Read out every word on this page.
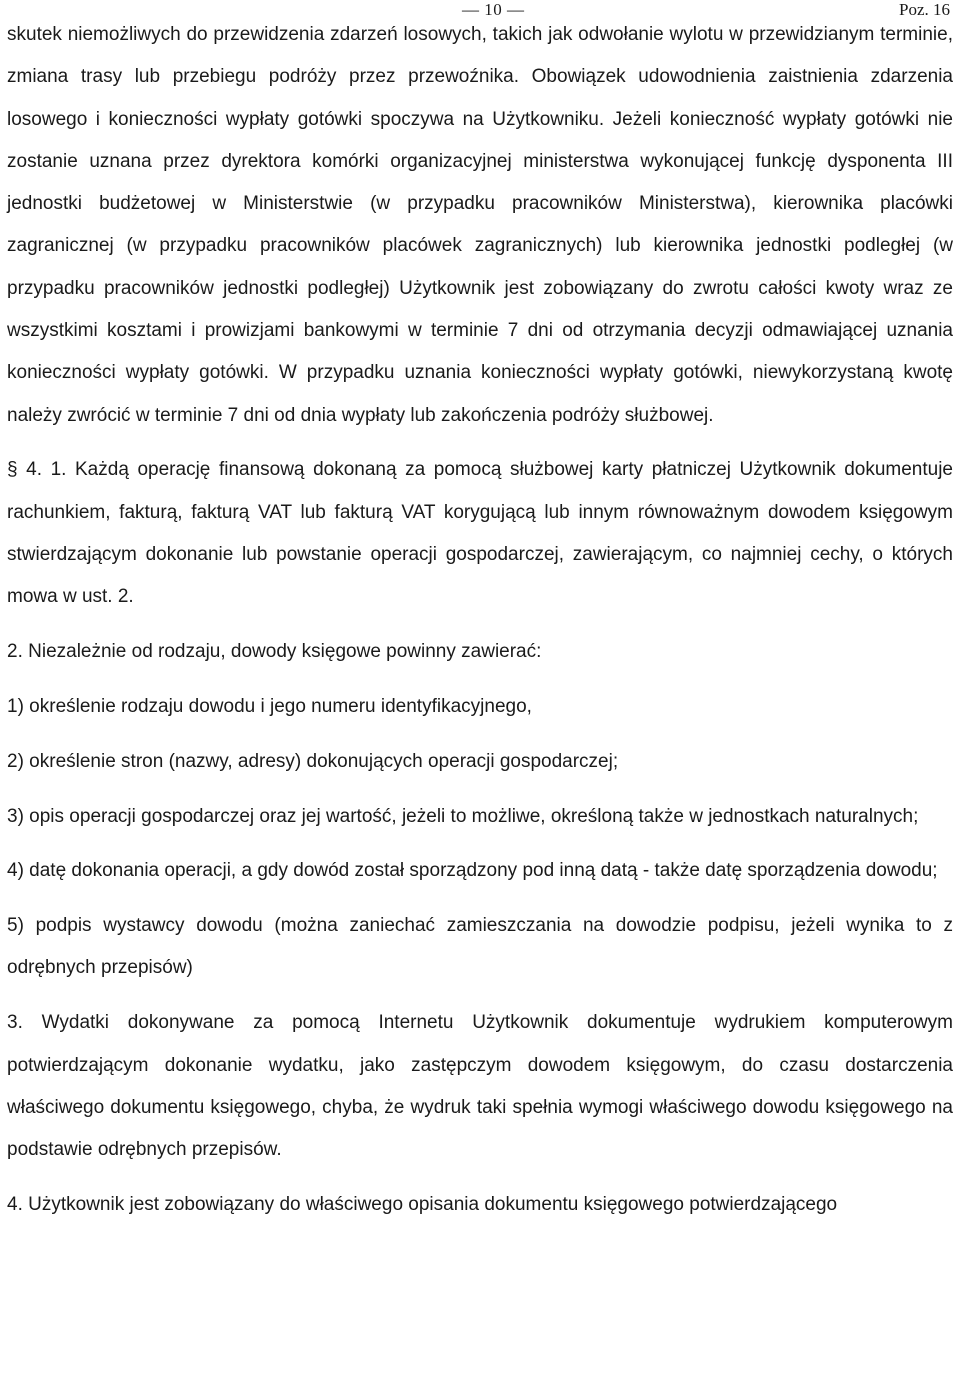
— 10 —	Poz. 16

skutek niemożliwych do przewidzenia zdarzeń losowych, takich jak odwołanie wylotu w przewidzianym terminie, zmiana trasy lub przebiegu podróży przez przewoźnika. Obowiązek udowodnienia zaistnienia zdarzenia losowego i konieczności wypłaty gotówki spoczywa na Użytkowniku. Jeżeli konieczność wypłaty gotówki nie zostanie uznana przez dyrektora komórki organizacyjnej ministerstwa wykonującej funkcję dysponenta III jednostki budżetowej w Ministerstwie (w przypadku pracowników Ministerstwa), kierownika placówki zagranicznej (w przypadku pracowników placówek zagranicznych) lub kierownika jednostki podległej (w przypadku pracowników jednostki podległej) Użytkownik jest zobowiązany do zwrotu całości kwoty wraz ze wszystkimi kosztami i prowizjami bankowymi w terminie 7 dni od otrzymania decyzji odmawiającej uznania konieczności wypłaty gotówki. W przypadku uznania konieczności wypłaty gotówki, niewykorzystaną kwotę należy zwrócić w terminie 7 dni od dnia wypłaty lub zakończenia podróży służbowej.

§ 4. 1. Każdą operację finansową dokonaną za pomocą służbowej karty płatniczej Użytkownik dokumentuje rachunkiem, fakturą, fakturą VAT lub fakturą VAT korygującą lub innym równoważnym dowodem księgowym stwierdzającym dokonanie lub powstanie operacji gospodarczej, zawierającym, co najmniej cechy, o których mowa w ust. 2.

2. Niezależnie od rodzaju, dowody księgowe powinny zawierać:

1) określenie rodzaju dowodu i jego numeru identyfikacyjnego,

2) określenie stron (nazwy, adresy) dokonujących operacji gospodarczej;

3) opis operacji gospodarczej oraz jej wartość, jeżeli to możliwe, określoną także w jednostkach naturalnych;

4) datę dokonania operacji, a gdy dowód został sporządzony pod inną datą - także datę sporządzenia dowodu;

5) podpis wystawcy dowodu (można zaniechać zamieszczania na dowodzie podpisu, jeżeli wynika to z odrębnych przepisów)

3. Wydatki dokonywane za pomocą Internetu Użytkownik dokumentuje wydrukiem komputerowym potwierdzającym dokonanie wydatku, jako zastępczym dowodem księgowym, do czasu dostarczenia właściwego dokumentu księgowego, chyba, że wydruk taki spełnia wymogi właściwego dowodu księgowego na podstawie odrębnych przepisów.

4. Użytkownik jest zobowiązany do właściwego opisania dokumentu księgowego potwierdzającego
